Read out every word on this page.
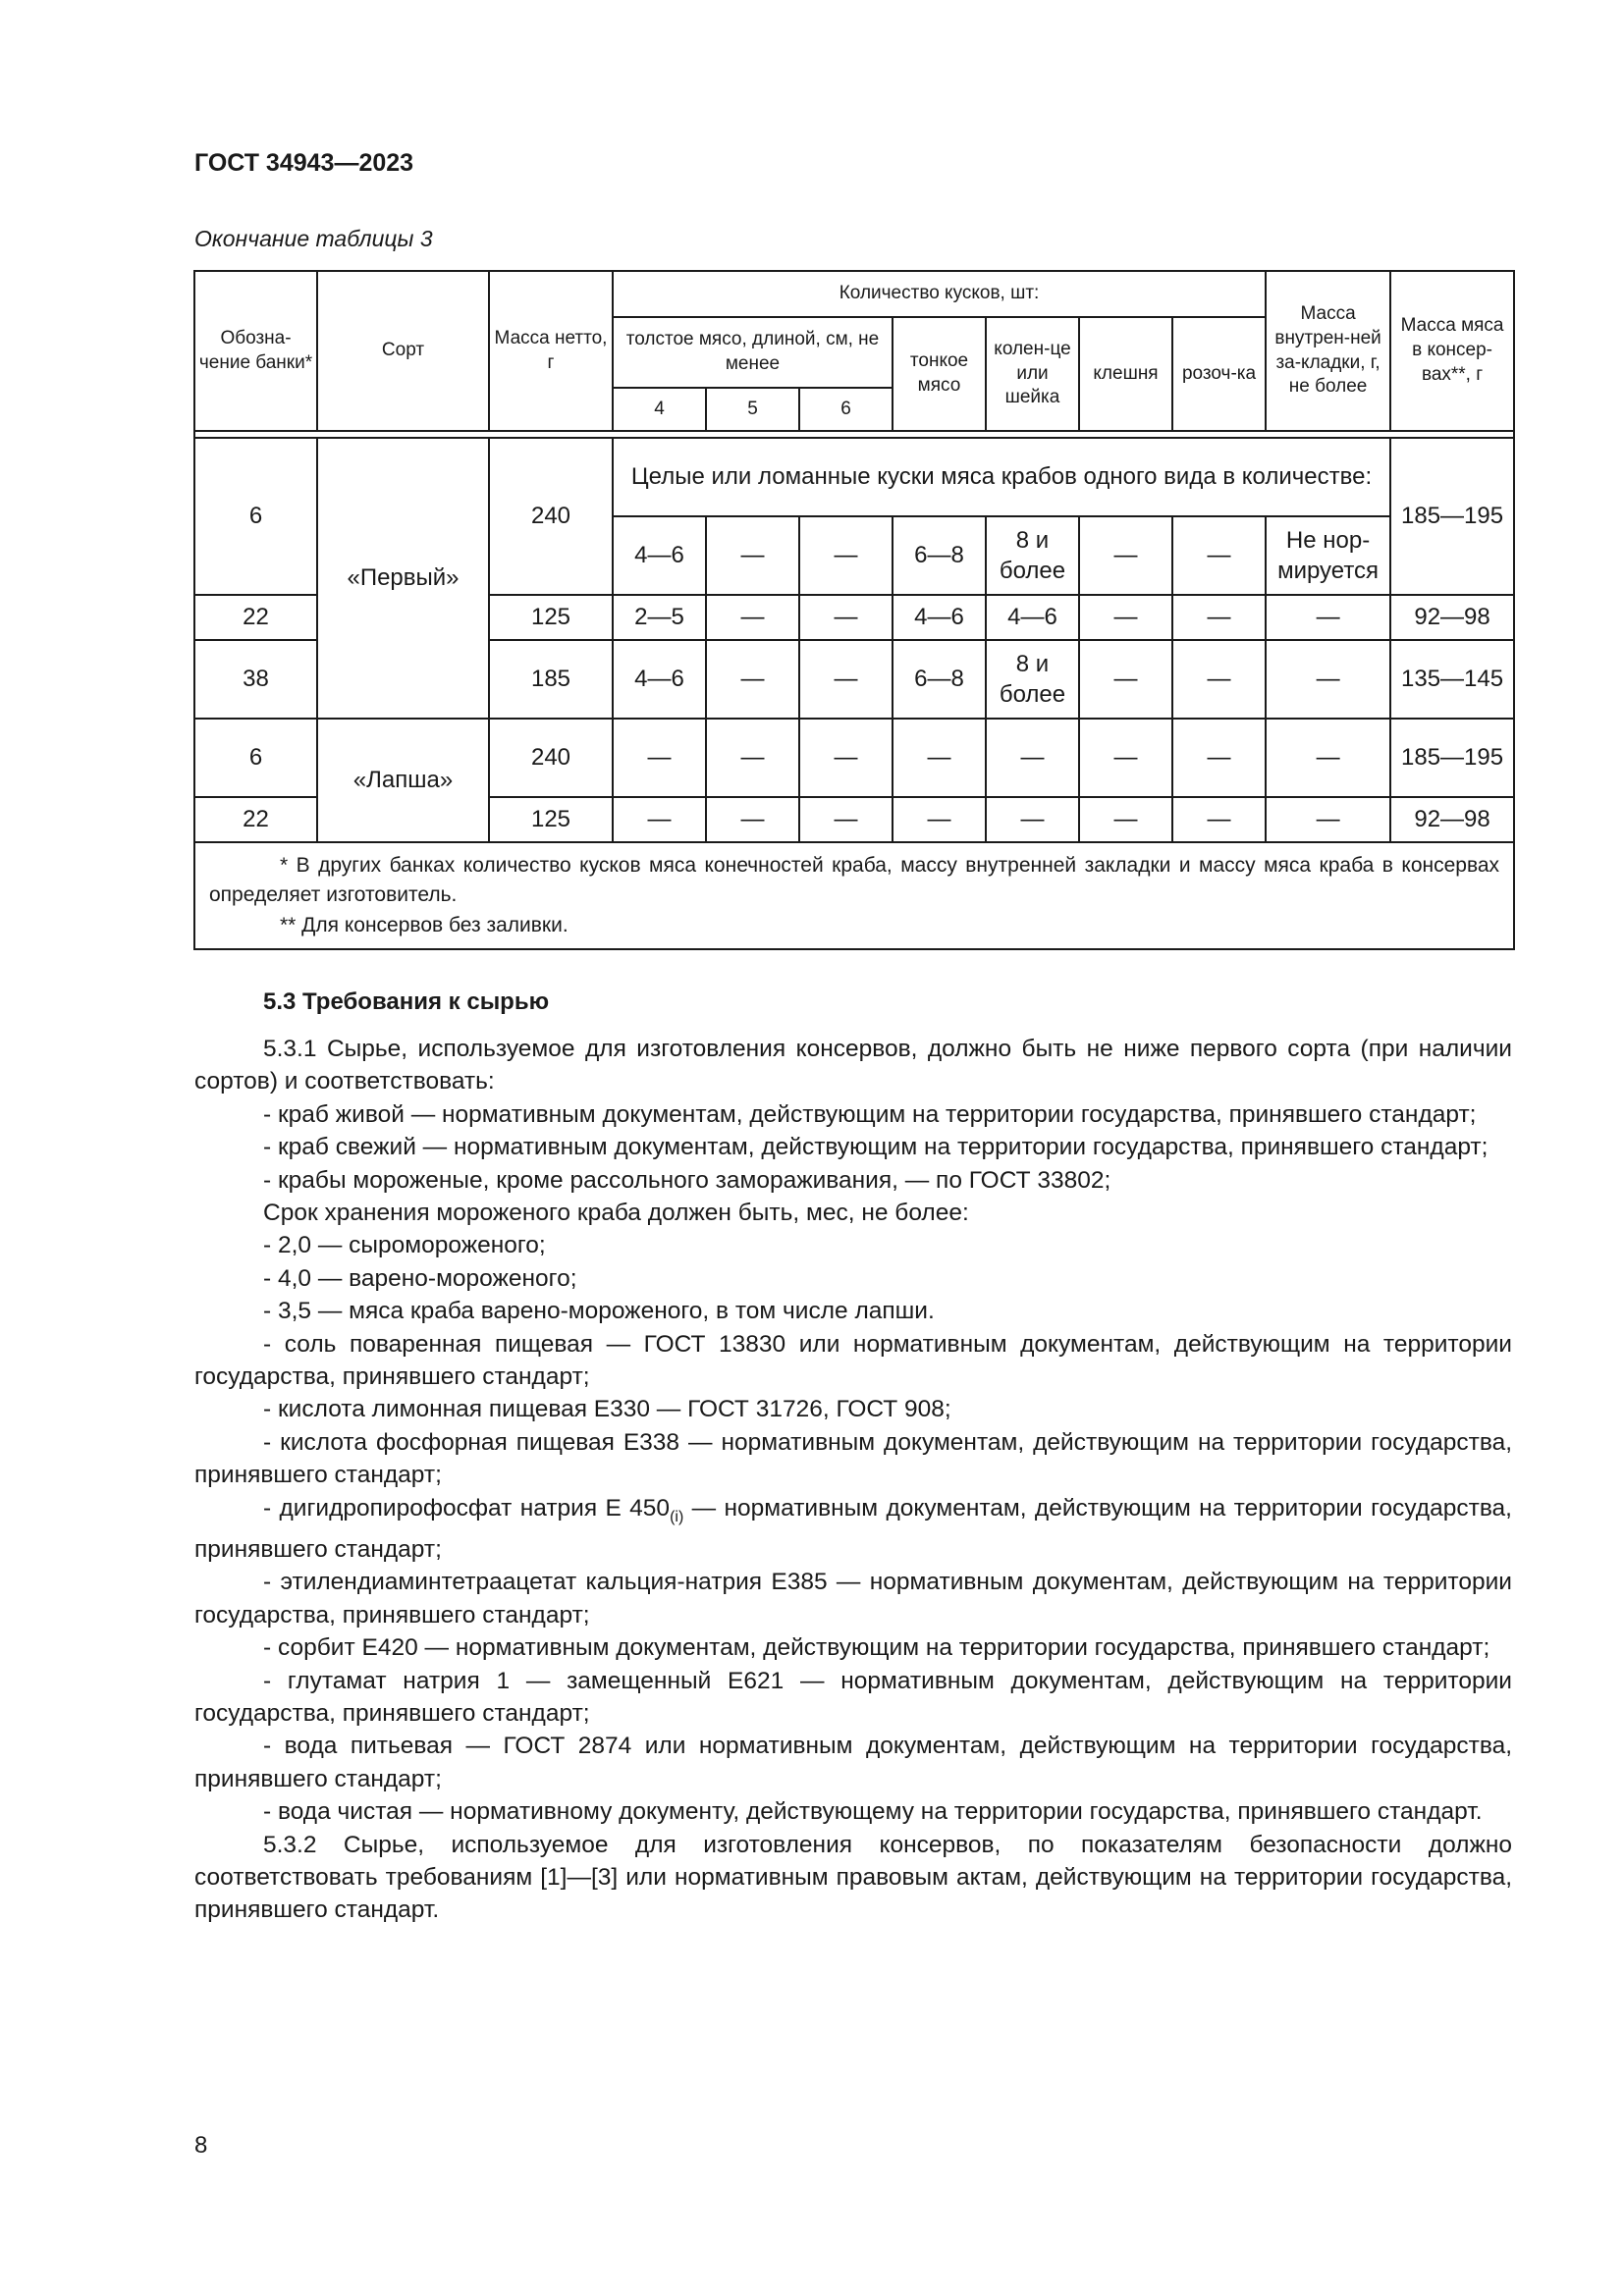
ГОСТ 34943—2023
Окончание таблицы 3
Обозна-чение банки*	Сорт	Масса нетто, г	Количество кусков, шт:							Масса внутрен-ней за-кладки, г, не более	Масса мяса в консер-вах**, г
			толстое мясо, длиной, см, не менее			тонкое мясо	колен-це или шейка	клешня	розоч-ка		
			4	5	6						

6	«Первый»	240	Целые или ломанные куски мяса крабов одного вида в количестве:								185—195
			4—6	—	—	6—8	8 и более	—	—	Не нор-мируется	
22		125	2—5	—	—	4—6	4—6	—	—	—	92—98
38		185	4—6	—	—	6—8	8 и более	—	—	—	135—145
6	«Лапша»	240	—	—	—	—	—	—	—	—	185—195
22		125	—	—	—	—	—	—	—	—	92—98

* В других банках количество кусков мяса конечностей краба, массу внутренней закладки и массу мяса краба в консервах определяет изготовитель.
** Для консервов без заливки.											
5.3 Требования к сырью

5.3.1 Сырье, используемое для изготовления консервов, должно быть не ниже первого сорта (при наличии сортов) и соответствовать:

- краб живой — нормативным документам, действующим на территории государства, принявшего стандарт;

- краб свежий — нормативным документам, действующим на территории государства, принявшего стандарт;

- крабы мороженые, кроме рассольного замораживания, — по ГОСТ 33802;

Срок хранения мороженого краба должен быть, мес, не более:

- 2,0 — сыромороженого;

- 4,0 — варено-мороженого;

- 3,5 — мяса краба варено-мороженого, в том числе лапши.

- соль поваренная пищевая — ГОСТ 13830 или нормативным документам, действующим на территории государства, принявшего стандарт;

- кислота лимонная пищевая Е330 — ГОСТ 31726, ГОСТ 908;

- кислота фосфорная пищевая Е338 — нормативным документам, действующим на территории государства, принявшего стандарт;

- дигидропирофосфат натрия Е $450_{(i)}$ — нормативным документам, действующим на территории государства, принявшего стандарт;

- этилендиаминтетраацетат кальция-натрия Е385 — нормативным документам, действующим на территории государства, принявшего стандарт;

- сорбит Е420 — нормативным документам, действующим на территории государства, принявшего стандарт;

- глутамат натрия 1 — замещенный Е621 — нормативным документам, действующим на территории государства, принявшего стандарт;

- вода питьевая — ГОСТ 2874 или нормативным документам, действующим на территории государства, принявшего стандарт;

- вода чистая — нормативному документу, действующему на территории государства, принявшего стандарт.

5.3.2 Сырье, используемое для изготовления консервов, по показателям безопасности должно соответствовать требованиям [1]—[3] или нормативным правовым актам, действующим на территории государства, принявшего стандарт.

8
